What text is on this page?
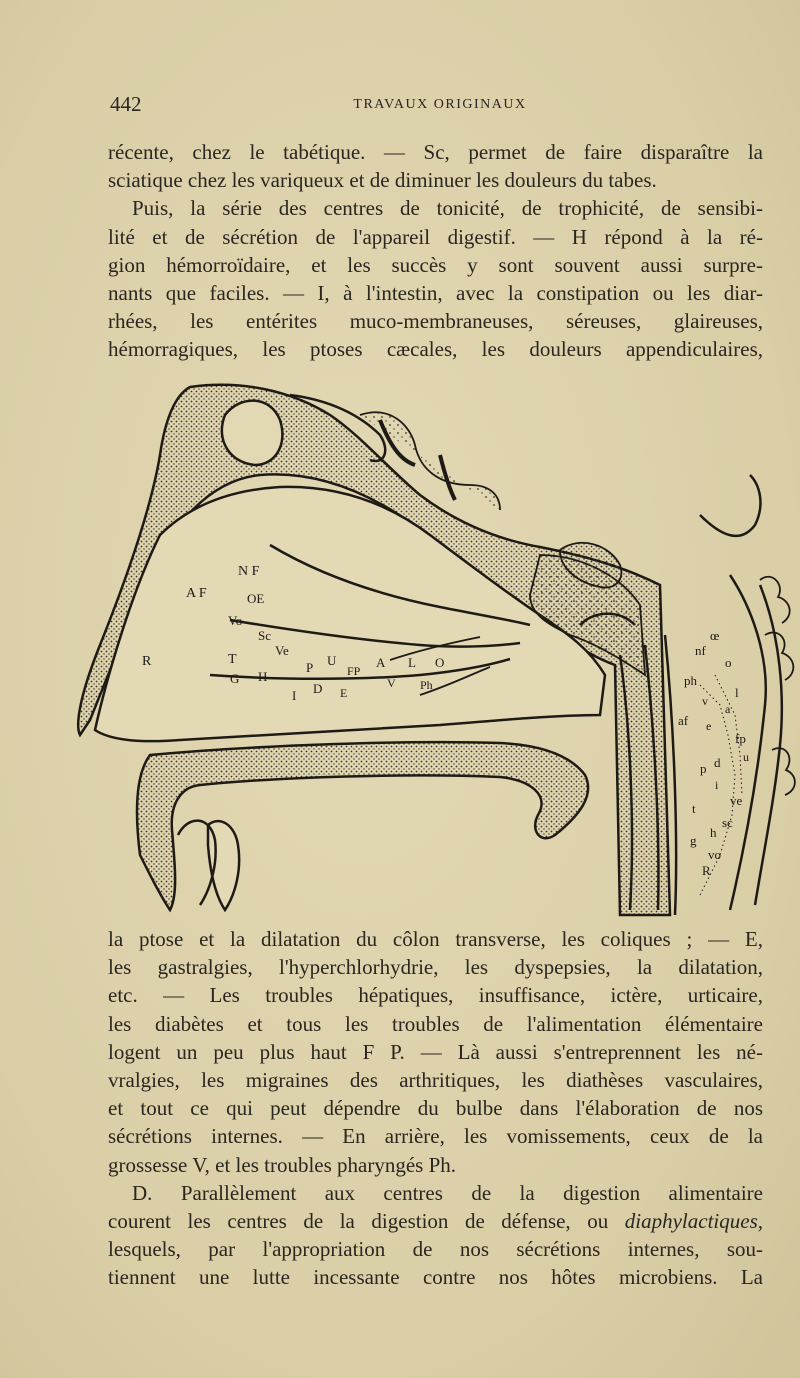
442	TRAVAUX ORIGINAUX
récente, chez le tabétique. — Sc, permet de faire disparaître la
sciatique chez les variqueux et de diminuer les douleurs du tabes.
Puis, la série des centres de tonicité, de trophicité, de sensibi-
lité et de sécrétion de l'appareil digestif. — H répond à la ré-
gion hémorroïdaire, et les succès y sont souvent aussi surpre-
nants que faciles. — I, à l'intestin, avec la constipation ou les diar-
rhées, les entérites muco-membraneuses, séreuses, glaireuses,
hémorragiques, les ptoses cæcales, les douleurs appendiculaires,
N F
A F	OE
Vo
Sc
R	T
Ve
G H
P U
FP
A L O
I D E
V Ph
œ
nf
o
ph
l
v
a
af e
fp
p d u
i
ve
t
sc
g
h
vo
R
la ptose et la dilatation du côlon transverse, les coliques ; — E,
les gastralgies, l'hyperchlorhydrie, les dyspepsies, la dilatation,
etc. — Les troubles hépatiques, insuffisance, ictère, urticaire,
les diabètes et tous les troubles de l'alimentation élémentaire
logent un peu plus haut F P. — Là aussi s'entreprennent les né-
vralgies, les migraines des arthritiques, les diathèses vasculaires,
et tout ce qui peut dépendre du bulbe dans l'élaboration de nos
sécrétions internes. — En arrière, les vomissements, ceux de la
grossesse V, et les troubles pharyngés Ph.
D. Parallèlement aux centres de la digestion alimentaire
courent les centres de la digestion de défense, ou diaphylactiques,
lesquels, par l'appropriation de nos sécrétions internes, sou-
tiennent une lutte incessante contre nos hôtes microbiens. La
